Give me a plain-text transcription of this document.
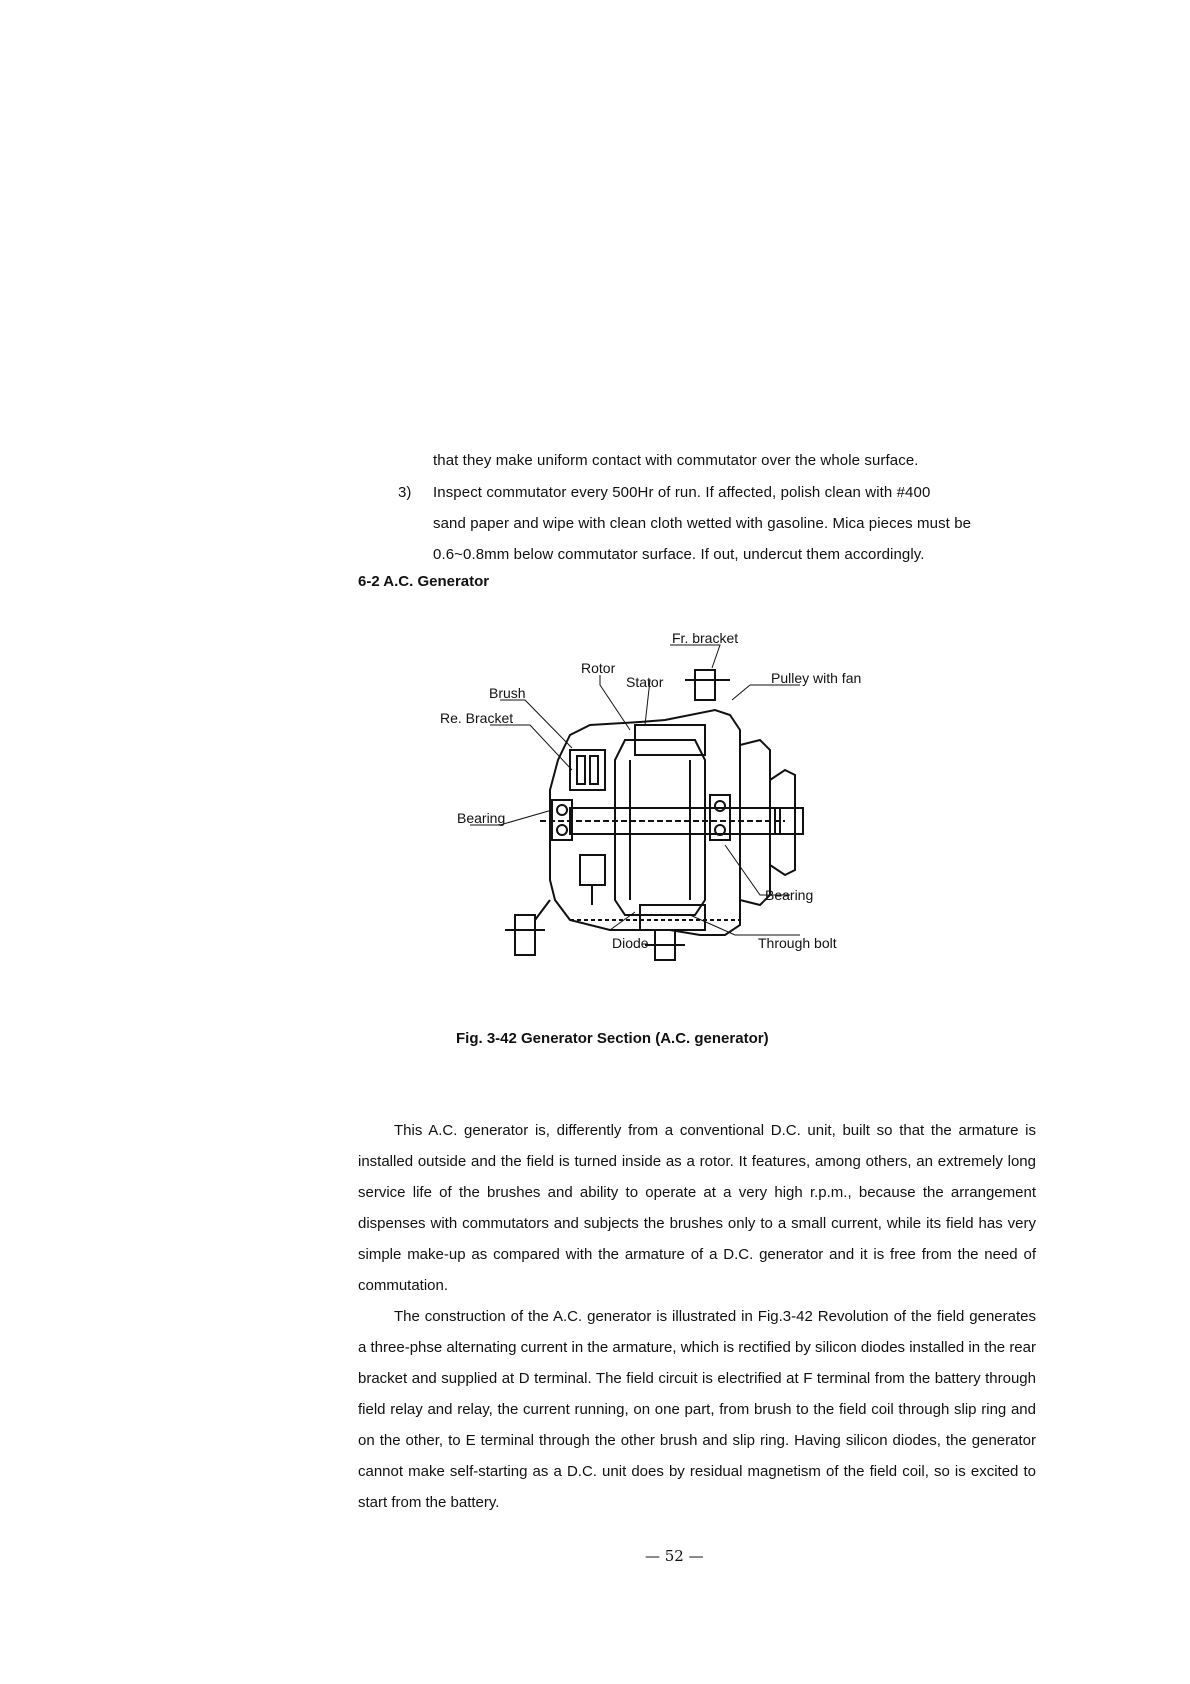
that they make uniform contact with commutator over the whole surface.
3) Inspect commutator every 500Hr of run. If affected, polish clean with #400
sand paper and wipe with clean cloth wetted with gasoline. Mica pieces must be
0.6~0.8mm below commutator surface. If out, undercut them accordingly.
6-2 A.C. Generator
Fr. bracket
Rotor
Stator	Pulley with fan
Brush
Re. Bracket
Bearing
Bearing
Diode	Through bolt
Fig. 3-42 Generator Section (A.C. generator)

This A.C. generator is, differently from a conventional D.C. unit, built so that the armature is installed outside and the field is turned inside as a rotor. It features, among others, an extremely long service life of the brushes and ability to operate at a very high r.p.m., because the arrangement dispenses with commutators and subjects the brushes only to a small current, while its field has very simple make-up as compared with the armature of a D.C. generator and it is free from the need of commutation.

The construction of the A.C. generator is illustrated in Fig.3-42 Revolution of the field generates a three-phse alternating current in the armature, which is rectified by silicon diodes installed in the rear bracket and supplied at D terminal. The field circuit is electrified at F terminal from the battery through field relay and relay, the current running, on one part, from brush to the field coil through slip ring and on the other, to E terminal through the other brush and slip ring. Having silicon diodes, the generator cannot make self-starting as a D.C. unit does by residual magnetism of the field coil, so is excited to start from the battery.

— 52 —
